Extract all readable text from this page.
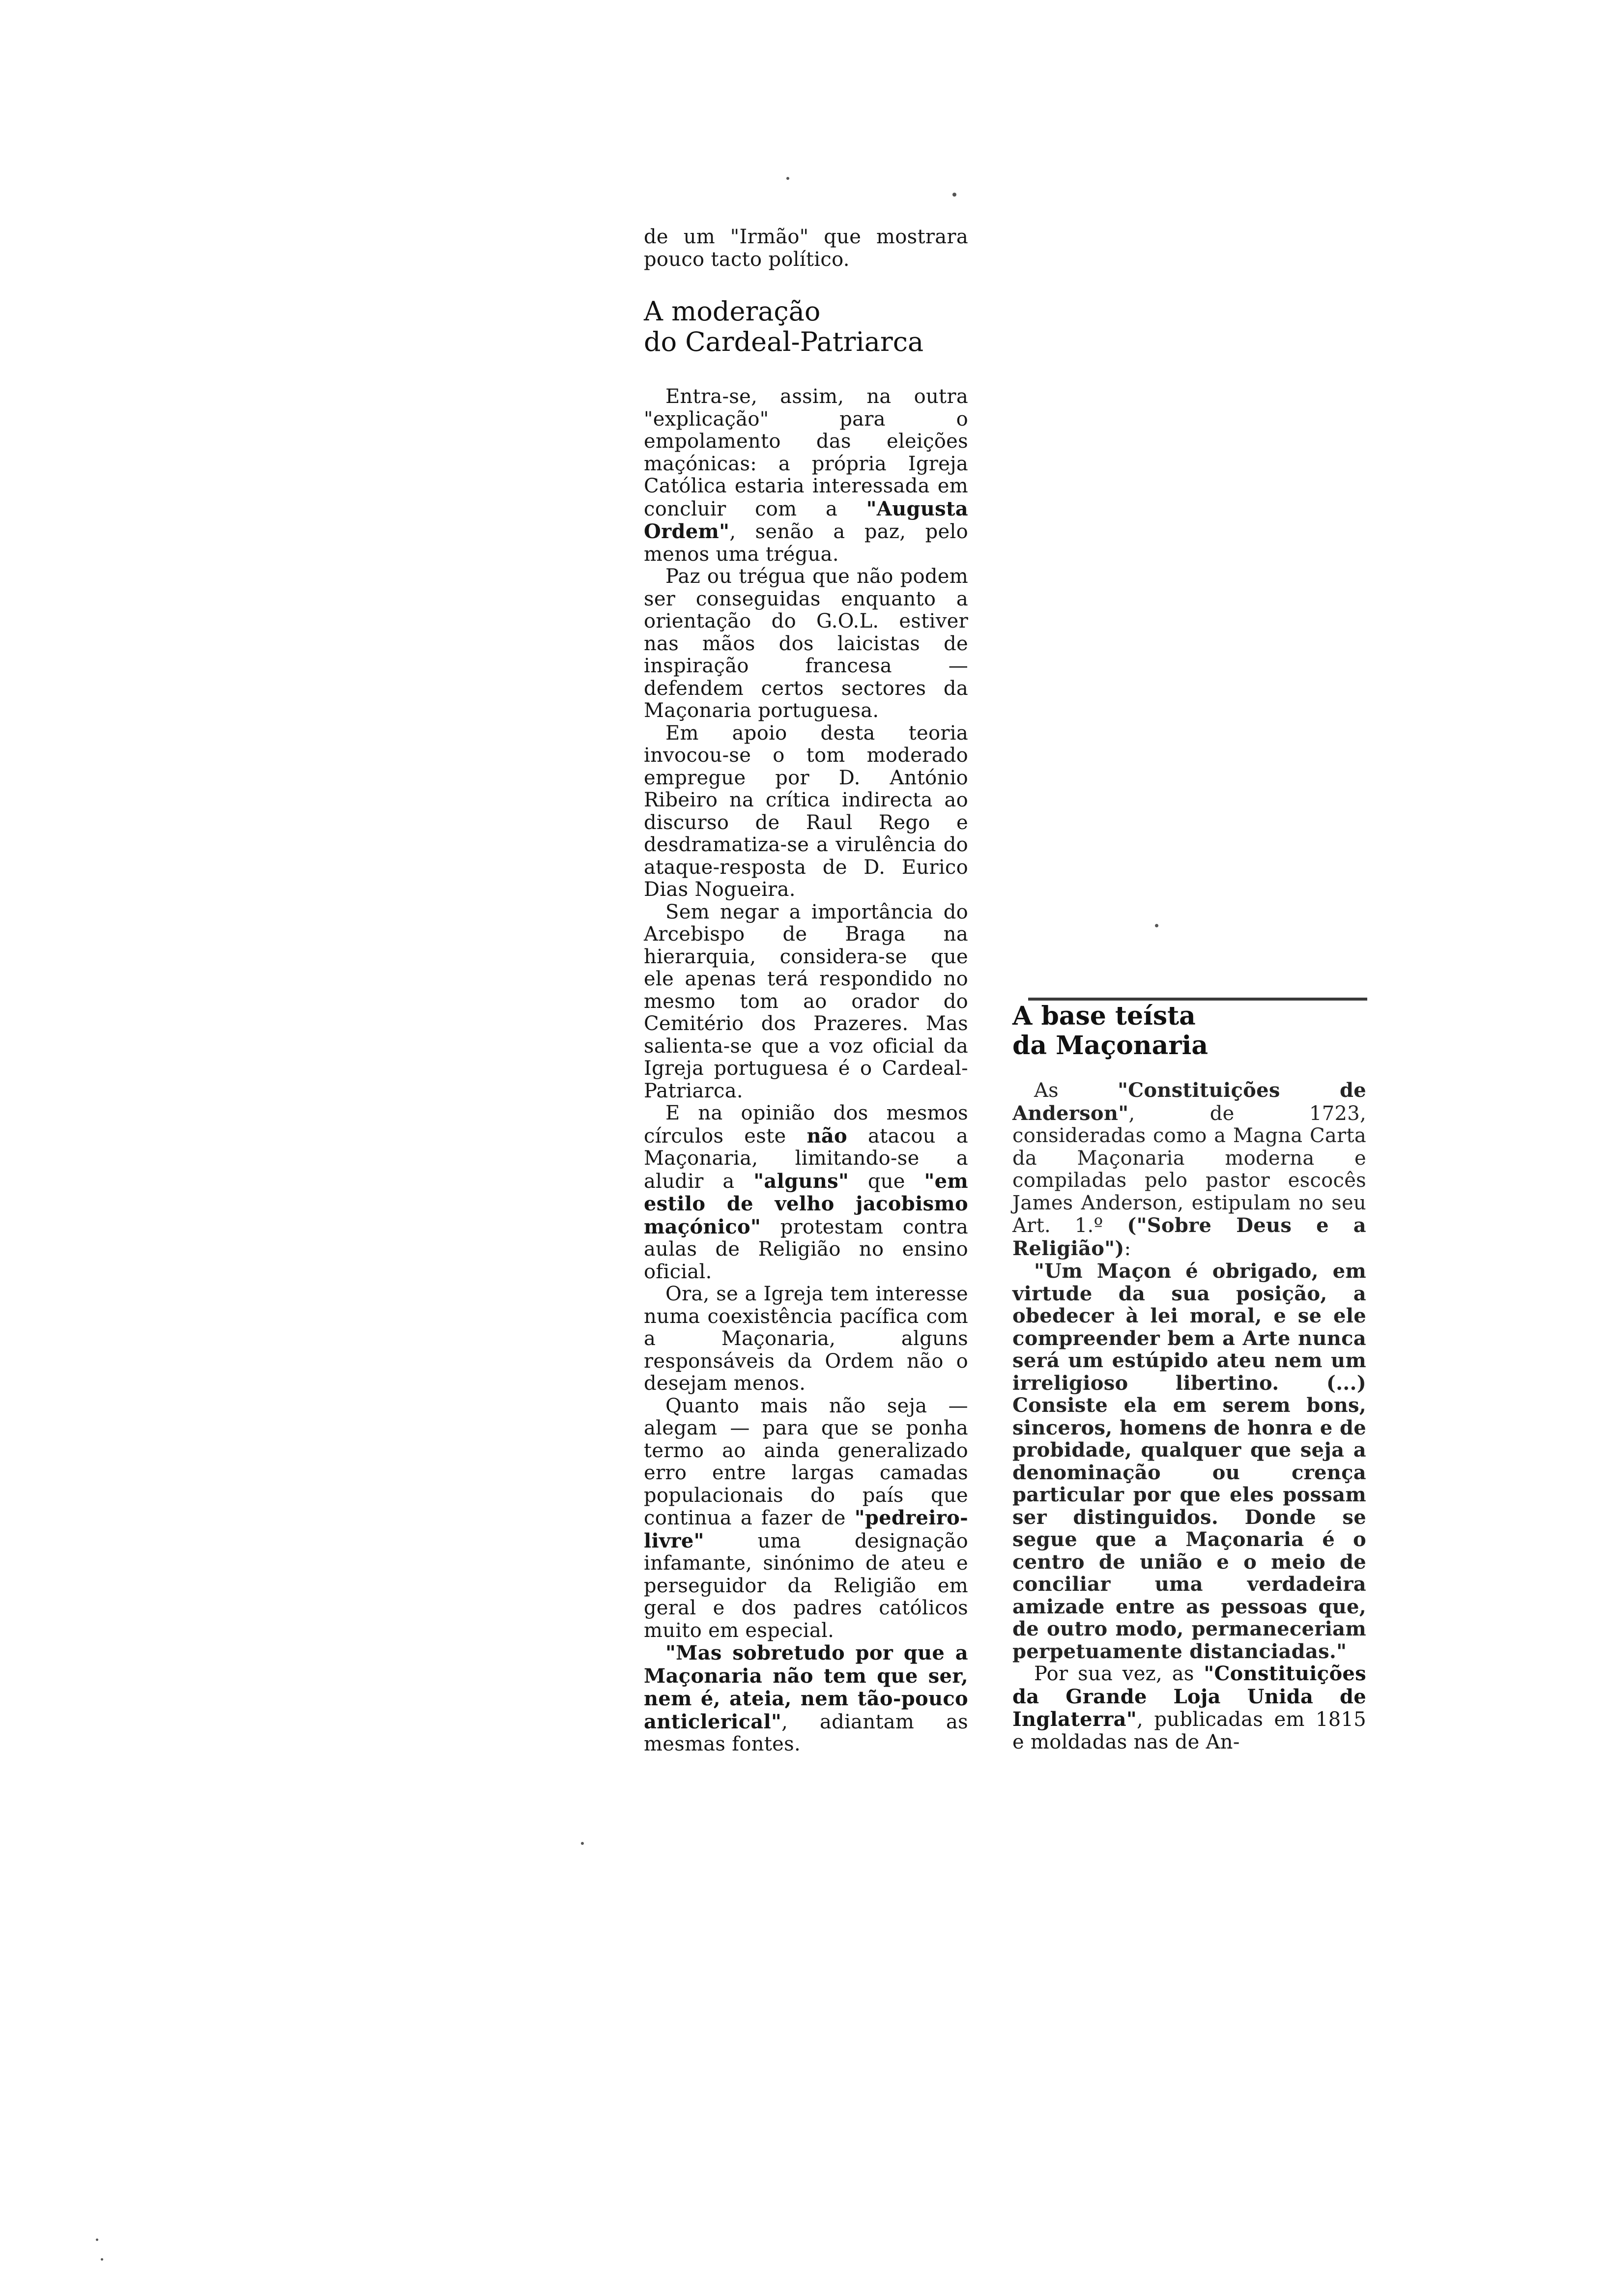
de um "Irmão" que mostrara pouco tacto político.

A moderação
do Cardeal-Patriarca

Entra-se, assim, na outra "explicação" para o empolamento das eleições maçónicas: a própria Igreja Católica estaria interessada em concluir com a "Augusta Ordem", senão a paz, pelo menos uma trégua.

Paz ou trégua que não podem ser conseguidas enquanto a orientação do G.O.L. estiver nas mãos dos laicistas de inspiração francesa — defendem certos sectores da Maçonaria portuguesa.

Em apoio desta teoria invocou-se o tom moderado empregue por D. António Ribeiro na crítica indirecta ao discurso de Raul Rego e desdramatiza-se a virulência do ataque-resposta de D. Eurico Dias Nogueira.

Sem negar a importância do Arcebispo de Braga na hierarquia, considera-se que ele apenas terá respondido no mesmo tom ao orador do Cemitério dos Prazeres. Mas salienta-se que a voz oficial da Igreja portuguesa é o Cardeal-Patriarca.

E na opinião dos mesmos círculos este não atacou a Maçonaria, limitando-se a aludir a "alguns" que "em estilo de velho jacobismo maçónico" protestam contra aulas de Religião no ensino oficial.

Ora, se a Igreja tem interesse numa coexistência pacífica com a Maçonaria, alguns responsáveis da Ordem não o desejam menos.

Quanto mais não seja — alegam — para que se ponha termo ao ainda generalizado erro entre largas camadas populacionais do país que continua a fazer de "pedreiro-livre" uma designação infamante, sinónimo de ateu e perseguidor da Religião em geral e dos padres católicos muito em especial.

"Mas sobretudo por que a Maçonaria não tem que ser, nem é, ateia, nem tão-pouco anticlerical", adiantam as mesmas fontes.

A base teísta
da Maçonaria

As "Constituições de Anderson", de 1723, consideradas como a Magna Carta da Maçonaria moderna e compiladas pelo pastor escocês James Anderson, estipulam no seu Art. 1.º ("Sobre Deus e a Religião"):

"Um Maçon é obrigado, em virtude da sua posição, a obedecer à lei moral, e se ele compreender bem a Arte nunca será um estúpido ateu nem um irreligioso libertino. (...) Consiste ela em serem bons, sinceros, homens de honra e de probidade, qualquer que seja a denominação ou crença particular por que eles possam ser distinguidos. Donde se segue que a Maçonaria é o centro de união e o meio de conciliar uma verdadeira amizade entre as pessoas que, de outro modo, permaneceriam perpetuamente distanciadas."

Por sua vez, as "Constituições da Grande Loja Unida de Inglaterra", publicadas em 1815 e moldadas nas de An-
